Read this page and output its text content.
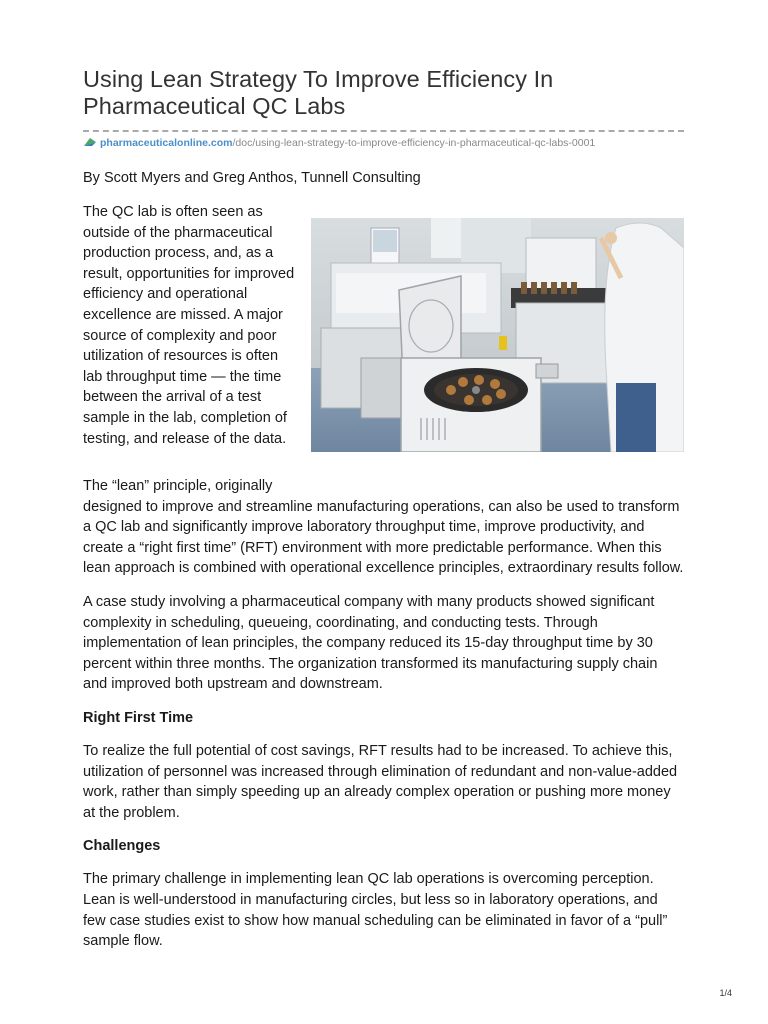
Using Lean Strategy To Improve Efficiency In Pharmaceutical QC Labs
pharmaceuticalonline.com/doc/using-lean-strategy-to-improve-efficiency-in-pharmaceutical-qc-labs-0001
By Scott Myers and Greg Anthos, Tunnell Consulting
The QC lab is often seen as outside of the pharmaceutical production process, and, as a result, opportunities for improved efficiency and operational excellence are missed. A major source of complexity and poor utilization of resources is often lab throughput time — the time between the arrival of a test sample in the lab, completion of testing, and release of the data.

The “lean” principle, originally
designed to improve and streamline manufacturing operations, can also be used to transform a QC lab and significantly improve laboratory throughput time, improve productivity, and create a “right first time” (RFT) environment with more predictable performance. When this lean approach is combined with operational excellence principles, extraordinary results follow.

A case study involving a pharmaceutical company with many products showed significant complexity in scheduling, queueing, coordinating, and conducting tests. Through implementation of lean principles, the company reduced its 15-day throughput time by 30 percent within three months. The organization transformed its manufacturing supply chain and improved both upstream and downstream.

Right First Time

To realize the full potential of cost savings, RFT results had to be increased. To achieve this, utilization of personnel was increased through elimination of redundant and non-value-added work, rather than simply speeding up an already complex operation or pushing more money at the problem.

Challenges

The primary challenge in implementing lean QC lab operations is overcoming perception. Lean is well-understood in manufacturing circles, but less so in laboratory operations, and few case studies exist to show how manual scheduling can be eliminated in favor of a “pull” sample flow.

1/4
